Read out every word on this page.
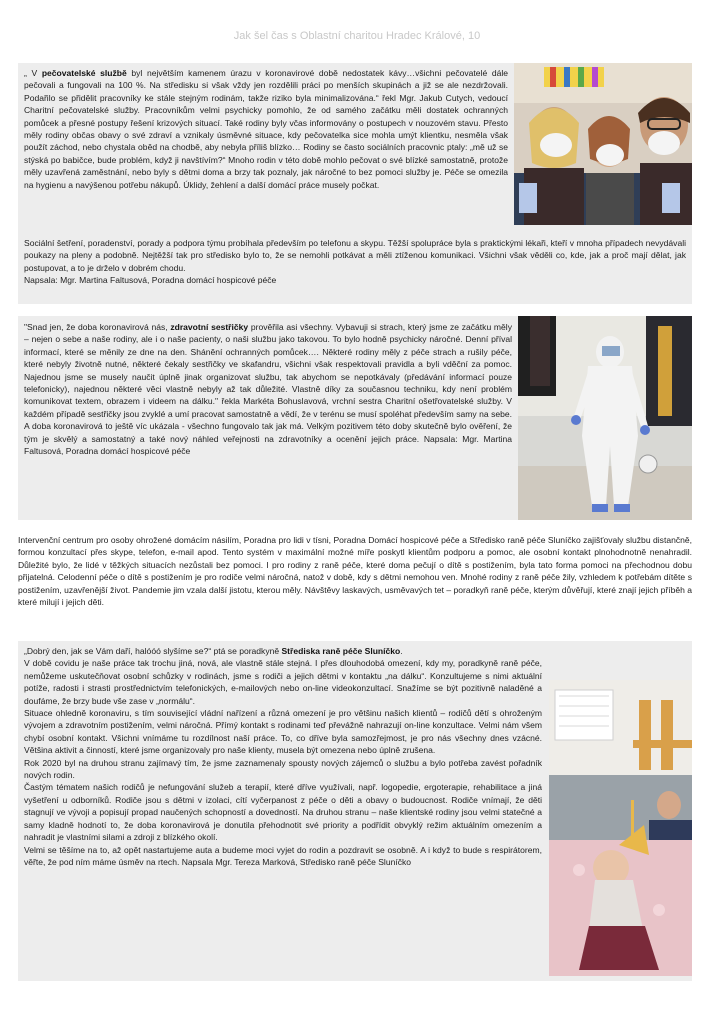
Jak šel čas s Oblastní charitou Hradec Králové, 10

„ V pečovatelské službě byl největším kamenem úrazu v koronavirové době nedostatek kávy…všichni pečovatelé dále pečovali a fungovali na 100 %. Na středisku si však vždy jen rozdělili práci po menších skupinách a již se ale nezdržovali. Podařilo se přidělit pracovníky ke stále stejným rodinám, takže riziko byla minimalizována.“ řekl Mgr. Jakub Cutych, vedoucí Charitní pečovatelské služby. Pracovníkům velmi psychicky pomohlo, že od samého začátku měli dostatek ochranných pomůcek a přesné postupy řešení krizových situací. Také rodiny byly včas informovány o postupech v nouzovém stavu. Přesto měly rodiny občas obavy o své zdraví a vznikaly úsměvné situace, kdy pečovatelka sice mohla umýt klientku, nesměla však použít záchod, nebo chystala oběd na chodbě, aby nebyla příliš blízko… Rodiny se často sociálních pracovnic ptaly: „mě už se stýská po babičce, bude problém, když ji navštívím?“ Mnoho rodin v této době mohlo pečovat o své blízké samostatně, protože měly uzavřená zaměstnání, nebo byly s dětmi doma a brzy tak poznaly, jak náročné to bez pomoci služby je. Péče se omezila na hygienu a navýšenou potřebu nákupů. Úklidy, žehlení a další domácí práce musely počkat.

Sociální šetření, poradenství, porady a podpora týmu probíhala především po telefonu a skypu. Těžší spolupráce byla s praktickými lékaři, kteří v mnoha případech nevydávali poukazy na pleny a podobně. Nejtěžší tak pro středisko bylo to, že se nemohli potkávat a měli ztíženou komunikaci. Všichni však věděli co, kde, jak a proč mají dělat, jak postupovat, a to je drželo v dobrém chodu.

Napsala: Mgr. Martina Faltusová, Poradna domácí hospicové péče

"Snad jen, že doba koronavirová nás, zdravotní sestřičky prověřila asi všechny. Vybavuji si strach, který jsme ze začátku měly – nejen o sebe a naše rodiny, ale i o naše pacienty, o naši službu jako takovou. To bylo hodně psychicky náročné. Denní příval informací, které se měnily ze dne na den. Shánění ochranných pomůcek…. Některé rodiny měly z péče strach a rušily péče, které nebyly životně nutné, některé čekaly sestřičky ve skafandru, všichni však respektovali pravidla a byli vděční za pomoc. Najednou jsme se musely naučit úplně jinak organizovat službu, tak abychom se nepotkávaly (předávání informací pouze telefonicky), najednou některé věci vlastně nebyly až tak důležité. Vlastně díky za současnou techniku, kdy není problém komunikovat textem, obrazem i videem na dálku." řekla Markéta Bohuslavová, vrchní sestra Charitní ošetřovatelské služby. V každém případě sestřičky jsou zvyklé a umí pracovat samostatně a vědí, že v terénu se musí spoléhat především samy na sebe. A doba koronavirová to ještě víc ukázala - všechno fungovalo tak jak má. Velkým pozitivem této doby skutečně bylo ověření, že tým je skvělý a samostatný a také nový náhled veřejnosti na zdravotníky a ocenění jejich práce. Napsala: Mgr. Martina Faltusová, Poradna domácí hospicové péče

Intervenční centrum pro osoby ohrožené domácím násilím, Poradna pro lidi v tísni, Poradna Domácí hospicové péče a Středisko raně péče Sluníčko zajišťovaly službu distančně, formou konzultací přes skype, telefon, e-mail apod. Tento systém v maximální možné míře poskytl klientům podporu a pomoc, ale osobní kontakt plnohodnotně nenahradil. Důležité bylo, že lidé v těžkých situacích nezůstali bez pomoci. I pro rodiny z raně péče, které doma pečují o dítě s postižením, byla tato forma pomoci na přechodnou dobu přijatelná. Celodenní péče o dítě s postižením je pro rodiče velmi náročná, natož v době, kdy s dětmi nemohou ven. Mnohé rodiny z raně péče žily, vzhledem k potřebám dítěte s postižením, uzavřenější život. Pandemie jim vzala další jistotu, kterou měly. Návštěvy laskavých, usměvavých tet – poradkyň raně péče, kterým důvěřují, které znají jejich příběh a které milují i jejich děti.

„Dobrý den, jak se Vám daří, halóóó slyšíme se?“ ptá se poradkyně Střediska raně péče Sluníčko.

V době covidu je naše práce tak trochu jiná, nová, ale vlastně stále stejná. I přes dlouhodobá omezení, kdy my, poradkyně raně péče, nemůžeme uskutečňovat osobní schůzky v rodinách, jsme s rodiči a jejich dětmi v kontaktu „na dálku“. Konzultujeme s nimi aktuální potíže, radosti i strasti prostřednictvím telefonických, e-mailových nebo on-line videokonzultací. Snažíme se být pozitivně naladěné a doufáme, že brzy bude vše zase v „normálu“.

Situace ohledně koronaviru, s tím související vládní nařízení a různá omezení je pro většinu našich klientů – rodičů dětí s ohroženým vývojem a zdravotním postižením, velmi náročná. Přímý kontakt s rodinami teď převážně nahrazují on-line konzultace. Velmi nám všem chybí osobní kontakt. Všichni vnímáme tu rozdílnost naší práce. To, co dříve byla samozřejmost, je pro nás všechny dnes vzácné. Většina aktivit a činností, které jsme organizovaly pro naše klienty, musela být omezena nebo úplně zrušena.

Rok 2020 byl na druhou stranu zajímavý tím, že jsme zaznamenaly spousty nových zájemců o službu a bylo potřeba zavést pořadník nových rodin.

Častým tématem našich rodičů je nefungování služeb a terapií, které dříve využívali, např. logopedie, ergoterapie, rehabilitace a jiná vyšetření u odborníků. Rodiče jsou s dětmi v izolaci, cítí vyčerpanost z péče o děti a obavy o budoucnost. Rodiče vnímají, že děti stagnují ve vývoji a popisují propad naučených schopností a dovedností. Na druhou stranu – naše klientské rodiny jsou velmi statečné a samy kladně hodnotí to, že doba koronavirová je donutila přehodnotit své priority a podřídit obvyklý režim aktuálním omezením a nahradit je vlastními silami a zdroji z blízkého okolí.

Velmi se těšíme na to, až opět nastartujeme auta a budeme moci vyjet do rodin a pozdravit se osobně. A i když to bude s respirátorem, věřte, že pod ním máme úsměv na rtech. Napsala Mgr. Tereza Marková, Středisko raně péče Sluníčko
